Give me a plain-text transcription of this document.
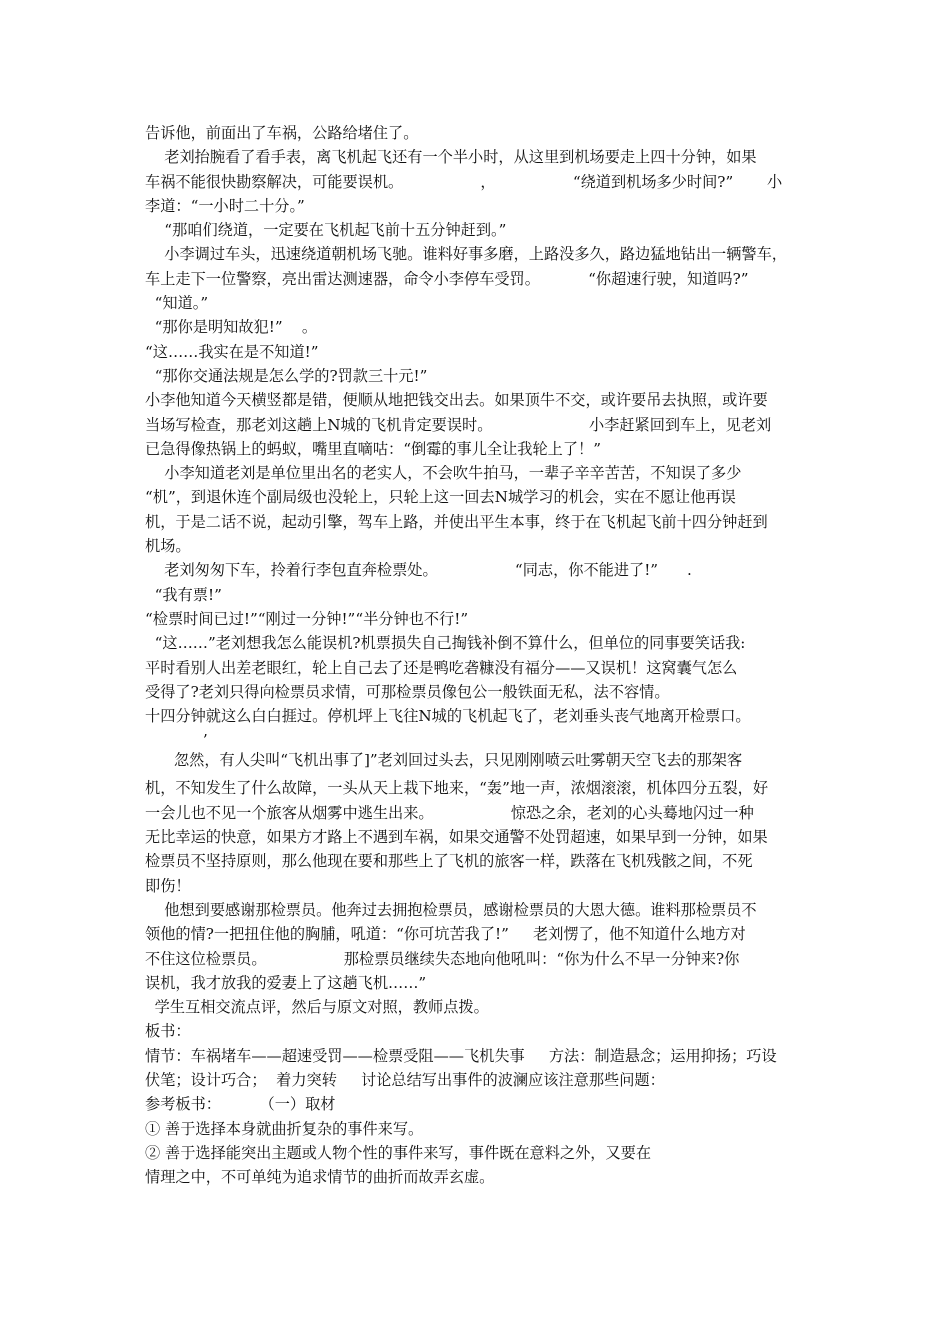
告诉他，前面出了车祸，公路给堵住了。
老刘抬腕看了看手表，离飞机起飞还有一个半小时，从这里到机场要走上四十分钟，如果
车祸不能很快勘察解决，可能要误机。                ，                “绕道到机场多少时间?”       小
李道：“一小时二十分。”
“那咱们绕道，一定要在飞机起飞前十五分钟赶到。”
小李调过车头，迅速绕道朝机场飞驰。谁料好事多磨，上路没多久，路边猛地钻出一辆警车，
车上走下一位警察，亮出雷达测速器，命令小李停车受罚。          “你超速行驶，知道吗?”
“知道。”
“那你是明知故犯!”    。
“这……我实在是不知道!”
“那你交通法规是怎么学的?罚款三十元!”
小李他知道今天横竖都是错，便顺从地把钱交出去。如果顶牛不交，或许要吊去执照，或许要
当场写检查，那老刘这趟上N城的飞机肯定要误时。                    小李赶紧回到车上，见老刘
已急得像热锅上的蚂蚁，嘴里直嘀咕：“倒霉的事儿全让我轮上了！”
小李知道老刘是单位里出名的老实人，不会吹牛拍马，一辈子辛辛苦苦，不知误了多少
“机”，到退休连个副局级也没轮上，只轮上这一回去N城学习的机会，实在不愿让他再误
机，于是二话不说，起动引擎，驾车上路，并使出平生本事，终于在飞机起飞前十四分钟赶到
机场。
老刘匆匆下车，拎着行李包直奔检票处。                “同志，你不能进了!”      .
“我有票!”
“检票时间已过!”“刚过一分钟!”“半分钟也不行!”
“这……”老刘想我怎么能误机?机票损失自己掏钱补倒不算什么，但单位的同事要笑话我:
平时看别人出差老眼红，轮上自己去了还是鸭吃砻糠没有福分——又误机！这窝囊气怎么
受得了?老刘只得向检票员求情，可那检票员像包公一般铁面无私，法不容情。
十四分钟就这么白白捱过。停机坪上飞往N城的飞机起飞了，老刘垂头丧气地离开检票口。
’
忽然，有人尖叫“飞机出事了]”老刘回过头去，只见刚刚喷云吐雾朝天空飞去的那架客
机，不知发生了什么故障，一头从天上栽下地来，“轰”地一声，浓烟滚滚，机体四分五裂，好
一会儿也不见一个旅客从烟雾中逃生出来。                惊恐之余，老刘的心头蓦地闪过一种
无比幸运的快意，如果方才路上不遇到车祸，如果交通警不处罚超速，如果早到一分钟，如果
检票员不坚持原则，那么他现在要和那些上了飞机的旅客一样，跌落在飞机残骸之间，不死
即伤！
他想到要感谢那检票员。他奔过去拥抱检票员，感谢检票员的大恩大德。谁料那检票员不
领他的情?一把扭住他的胸脯，吼道：“你可坑苦我了!”     老刘愣了，他不知道什么地方对
不住这位检票员。                那检票员继续失态地向他吼叫：“你为什么不早一分钟来?你
误机，我才放我的爱妻上了这趟飞机……”
学生互相交流点评，然后与原文对照，教师点拨。
板书：
情节：车祸堵车——超速受罚——检票受阻——飞机失事     方法：制造悬念；运用抑扬；巧设
伏笔；设计巧合；  着力突转     讨论总结写出事件的波澜应该注意那些问题：
参考板书：        （一）取材
① 善于选择本身就曲折复杂的事件来写。
② 善于选择能突出主题或人物个性的事件来写，事件既在意料之外，又要在
情理之中，不可单纯为追求情节的曲折而故弄玄虚。
